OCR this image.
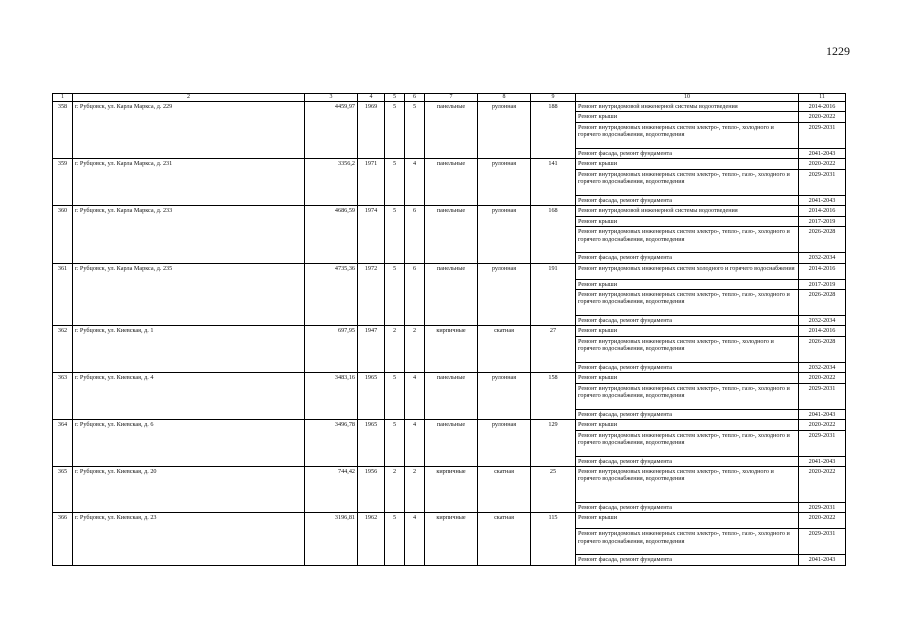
1229
1	2	3	4	5	6	7	8	9	10	11
358	г. Рубцовск, ул. Карла Маркса, д. 229	4459,97	1969	5	5	панельные	рулонная	188	Ремонт внутридомовой инженерной системы водоотведения	2014-2016
									Ремонт крыши	2020-2022
									Ремонт внутридомовых инженерных систем электро-, тепло-, холодного и горячего водоснабжения, водоотведения	2029-2031
									Ремонт фасада, ремонт фундамента	2041-2043
359	г. Рубцовск, ул. Карла Маркса, д. 231	3356,2	1971	5	4	панельные	рулонная	141	Ремонт крыши	2020-2022
									Ремонт внутридомовых инженерных систем электро-, тепло-, газо-, холодного и горячего водоснабжения, водоотведения	2029-2031
									Ремонт фасада, ремонт фундамента	2041-2043
360	г. Рубцовск, ул. Карла Маркса, д. 233	4686,59	1974	5	6	панельные	рулонная	168	Ремонт внутридомовой инженерной системы водоотведения	2014-2016
									Ремонт крыши	2017-2019
									Ремонт внутридомовых инженерных систем электро-, тепло-, газо-, холодного и горячего водоснабжения, водоотведения	2026-2028
									Ремонт фасада, ремонт фундамента	2032-2034
361	г. Рубцовск, ул. Карла Маркса, д. 235	4735,36	1972	5	6	панельные	рулонная	191	Ремонт внутридомовых инженерных систем холодного и горячего водоснабжения	2014-2016
									Ремонт крыши	2017-2019
									Ремонт внутридомовых инженерных систем электро-, тепло-, газо-, холодного и горячего водоснабжения, водоотведения	2026-2028
									Ремонт фасада, ремонт фундамента	2032-2034
362	г. Рубцовск, ул. Киевская, д. 1	697,95	1947	2	2	кирпичные	скатная	27	Ремонт крыши	2014-2016
									Ремонт внутридомовых инженерных систем электро-, тепло-, холодного и горячего водоснабжения, водоотведения	2026-2028
									Ремонт фасада, ремонт фундамента	2032-2034
363	г. Рубцовск, ул. Киевская, д. 4	3483,16	1965	5	4	панельные	рулонная	158	Ремонт крыши	2020-2022
									Ремонт внутридомовых инженерных систем электро-, тепло-, газо-, холодного и горячего водоснабжения, водоотведения	2029-2031
									Ремонт фасада, ремонт фундамента	2041-2043
364	г. Рубцовск, ул. Киевская, д. 6	3496,78	1965	5	4	панельные	рулонная	129	Ремонт крыши	2020-2022
									Ремонт внутридомовых инженерных систем электро-, тепло-, газо-, холодного и горячего водоснабжения, водоотведения	2029-2031
									Ремонт фасада, ремонт фундамента	2041-2043
365	г. Рубцовск, ул. Киевская, д. 20	744,42	1956	2	2	кирпичные	скатная	25	Ремонт внутридомовых инженерных систем электро-, тепло-, холодного и горячего водоснабжения, водоотведения	2020-2022
									Ремонт фасада, ремонт фундамента	2029-2031
366	г. Рубцовск, ул. Киевская, д. 23	3196,81	1962	5	4	кирпичные	скатная	115	Ремонт крыши	2020-2022
									Ремонт внутридомовых инженерных систем электро-, тепло-, газо-, холодного и горячего водоснабжения, водоотведения	2029-2031
									Ремонт фасада, ремонт фундамента	2041-2043
